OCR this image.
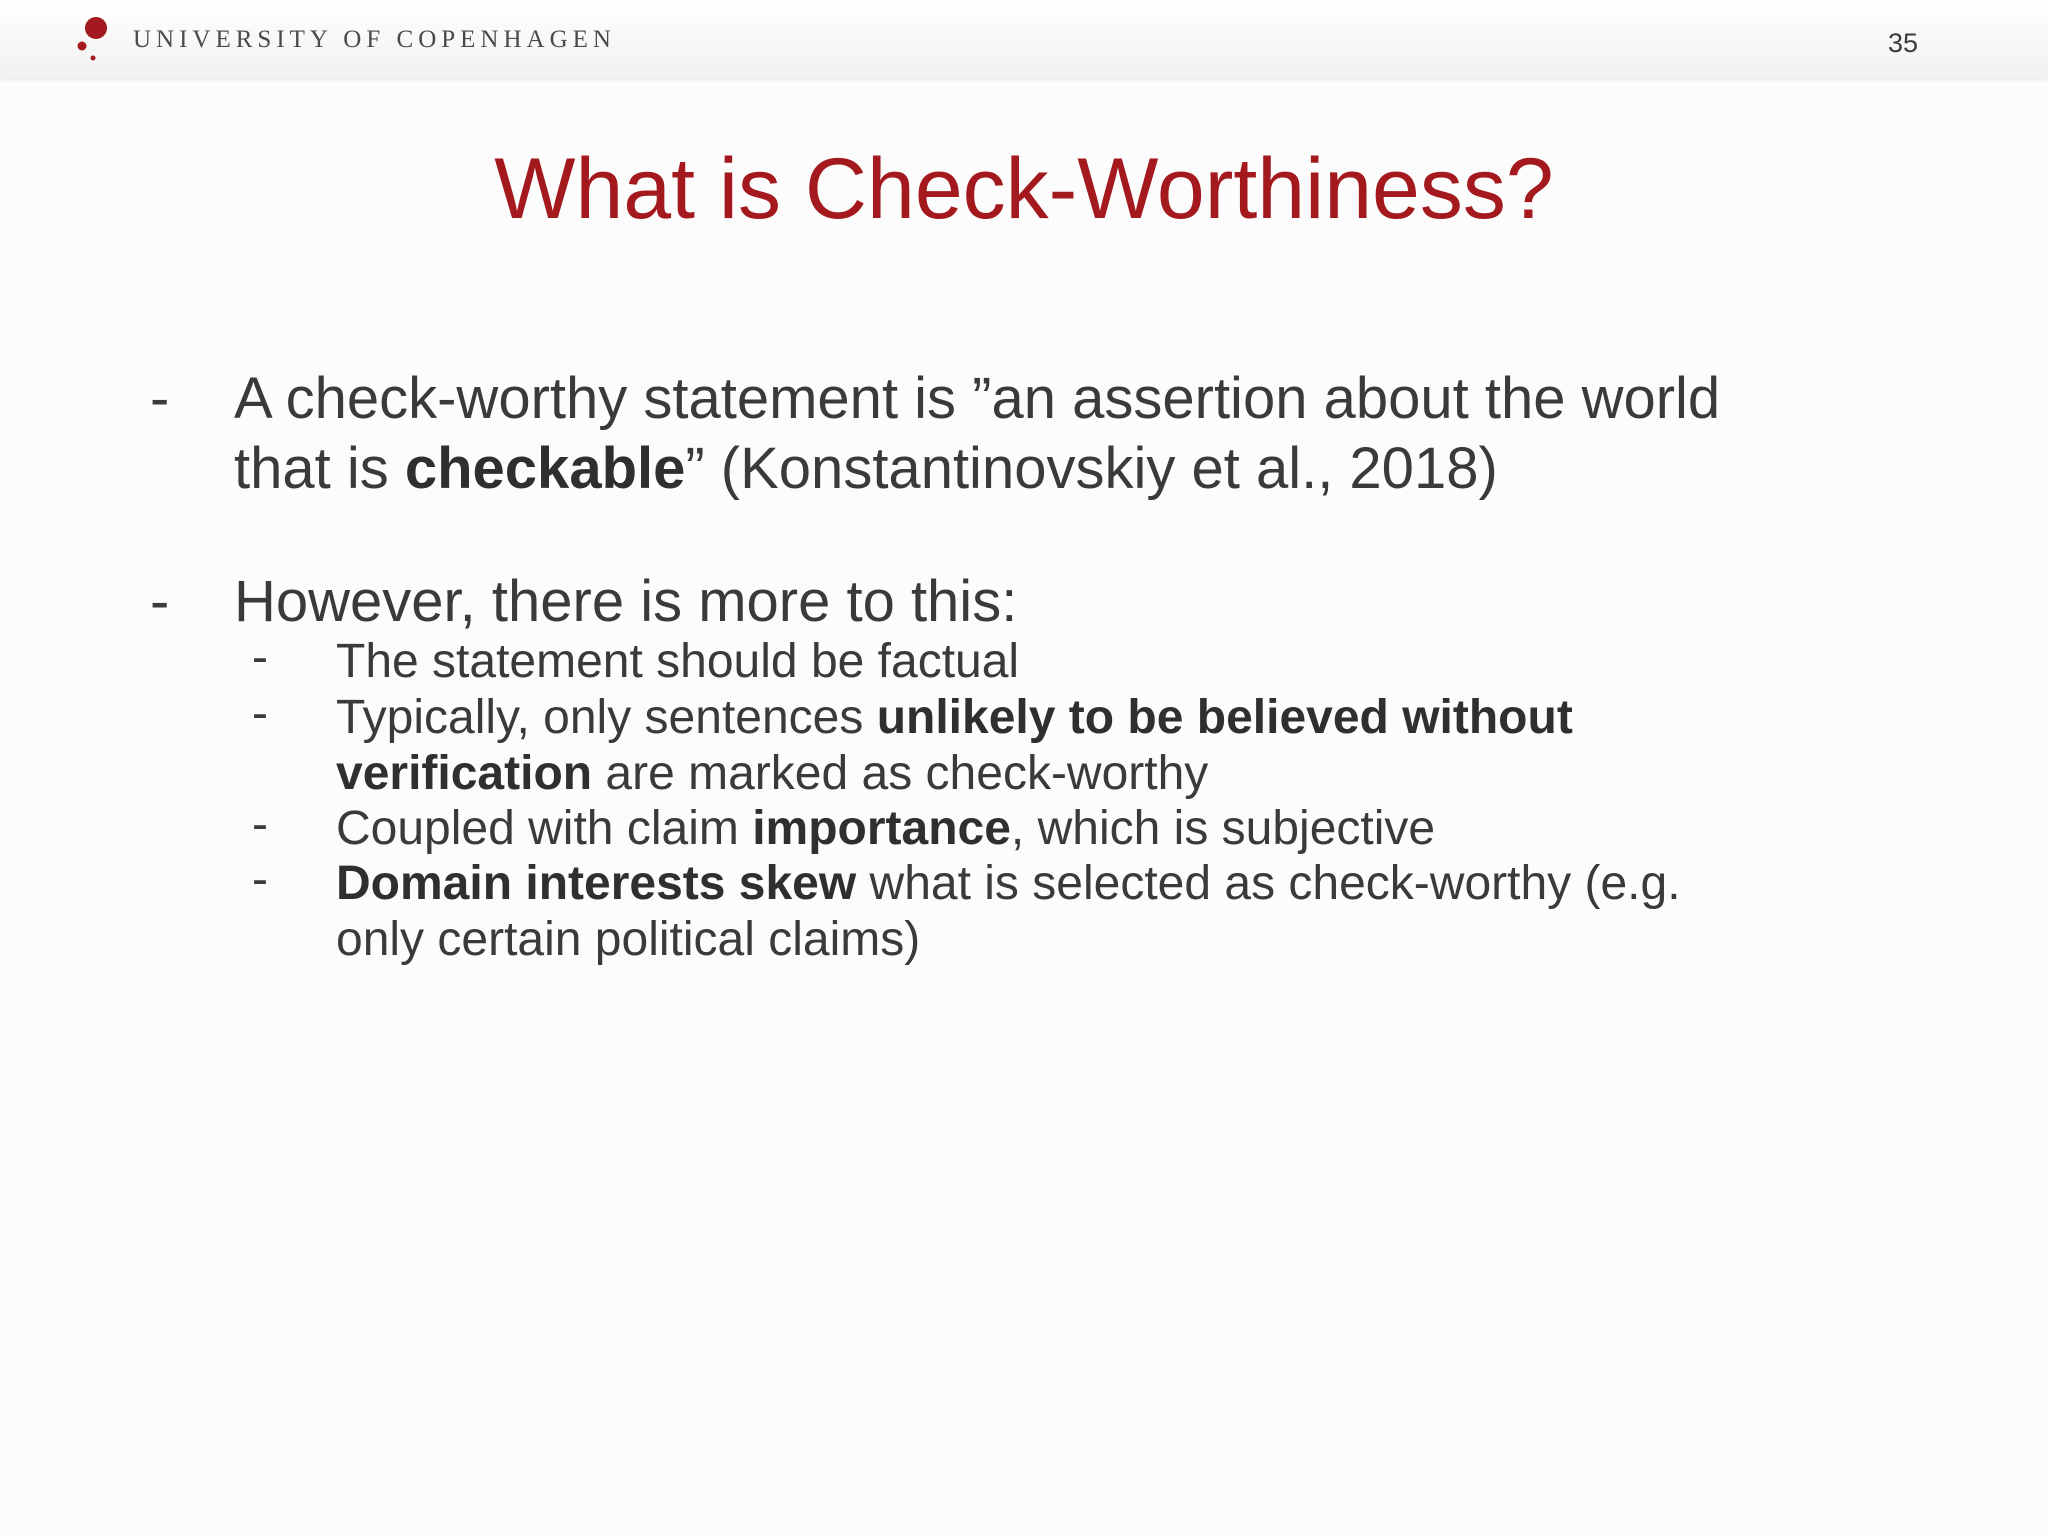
UNIVERSITY OF COPENHAGEN	35
What is Check-Worthiness?
-	A check-worthy statement is ”an assertion about the world
that is checkable” (Konstantinovskiy et al., 2018)
-	However, there is more to this:
-	The statement should be factual
-	Typically, only sentences unlikely to be believed without
verification are marked as check-worthy
-	Coupled with claim importance, which is subjective
-	Domain interests skew what is selected as check-worthy (e.g.
only certain political claims)
